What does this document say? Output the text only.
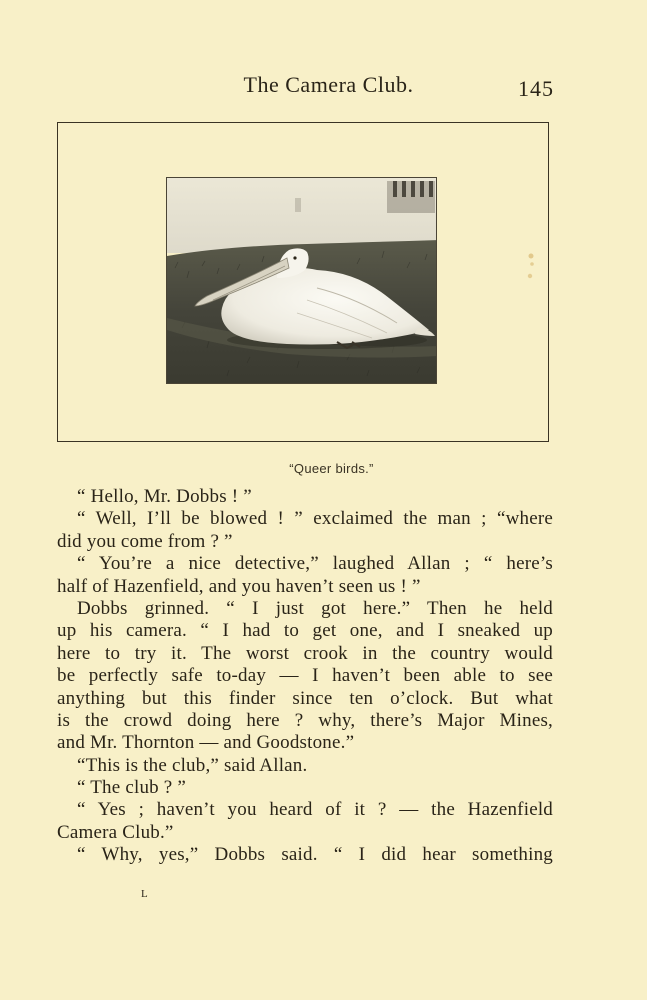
The Camera Club.	145
“Queer birds.”
“ Hello, Mr. Dobbs ! ”
“ Well, I’ll be blowed ! ” exclaimed the man ; “where
did you come from ? ”
“ You’re a nice detective,” laughed Allan ; “ here’s
half of Hazenfield, and you haven’t seen us ! ”
Dobbs grinned. “ I just got here.” Then he held
up his camera. “ I had to get one, and I sneaked up
here to try it. The worst crook in the country would
be perfectly safe to-day — I haven’t been able to see
anything but this finder since ten o’clock. But what
is the crowd doing here ? why, there’s Major Mines,
and Mr. Thornton — and Goodstone.”
“This is the club,” said Allan.
“ The club ? ”
“ Yes ; haven’t you heard of it ? — the Hazenfield
Camera Club.”
“ Why, yes,” Dobbs said. “ I did hear something
L
